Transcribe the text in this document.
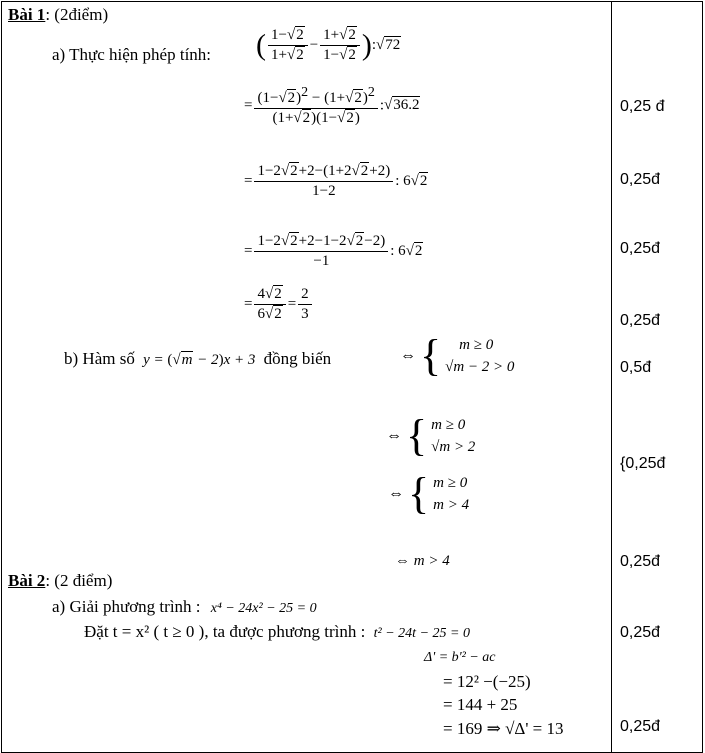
Bài 1: (2điểm)
a) Thực hiện phép tính: ( $\frac{1-√2}{1+√2} - \frac{1+√2}{1-√2}$ ):√72
= $\frac{(1-√2)^2 - (1+√2)^2}{(1+√2)(1-√2)}$ :√36.2	0,25 đ
= $\frac{1-2√2+2-(1+2√2+2)}{1-2}$ : 6√2	0,25đ
= $\frac{1-2√2+2-1-2√2-2)}{-1}$ : 6√2	0,25đ
= $\frac{4√2}{6√2} = \frac{2}{3}$	0,25đ
b) Hàm số y = (√m − 2)x + 3 đồng biến	⇔ {	m ≥ 0
√m − 2 > 0	0,5đ
⇔ { m ≥ 0
√m > 2
{0,25đ
⇔ { m ≥ 0
m > 4
⇔ m > 4	0,25đ
Bài 2: (2 điểm)
a) Giải phương trình : x⁴ − 24x² − 25 = 0
Đặt t = x² ( t ≥ 0 ), ta được phương trình : t² − 24t − 25 = 0	0,25đ
Δ' = b'² − ac
= 12² −(−25)
= 144 + 25
= 169 ⇒ √Δ' = 13	0,25đ
